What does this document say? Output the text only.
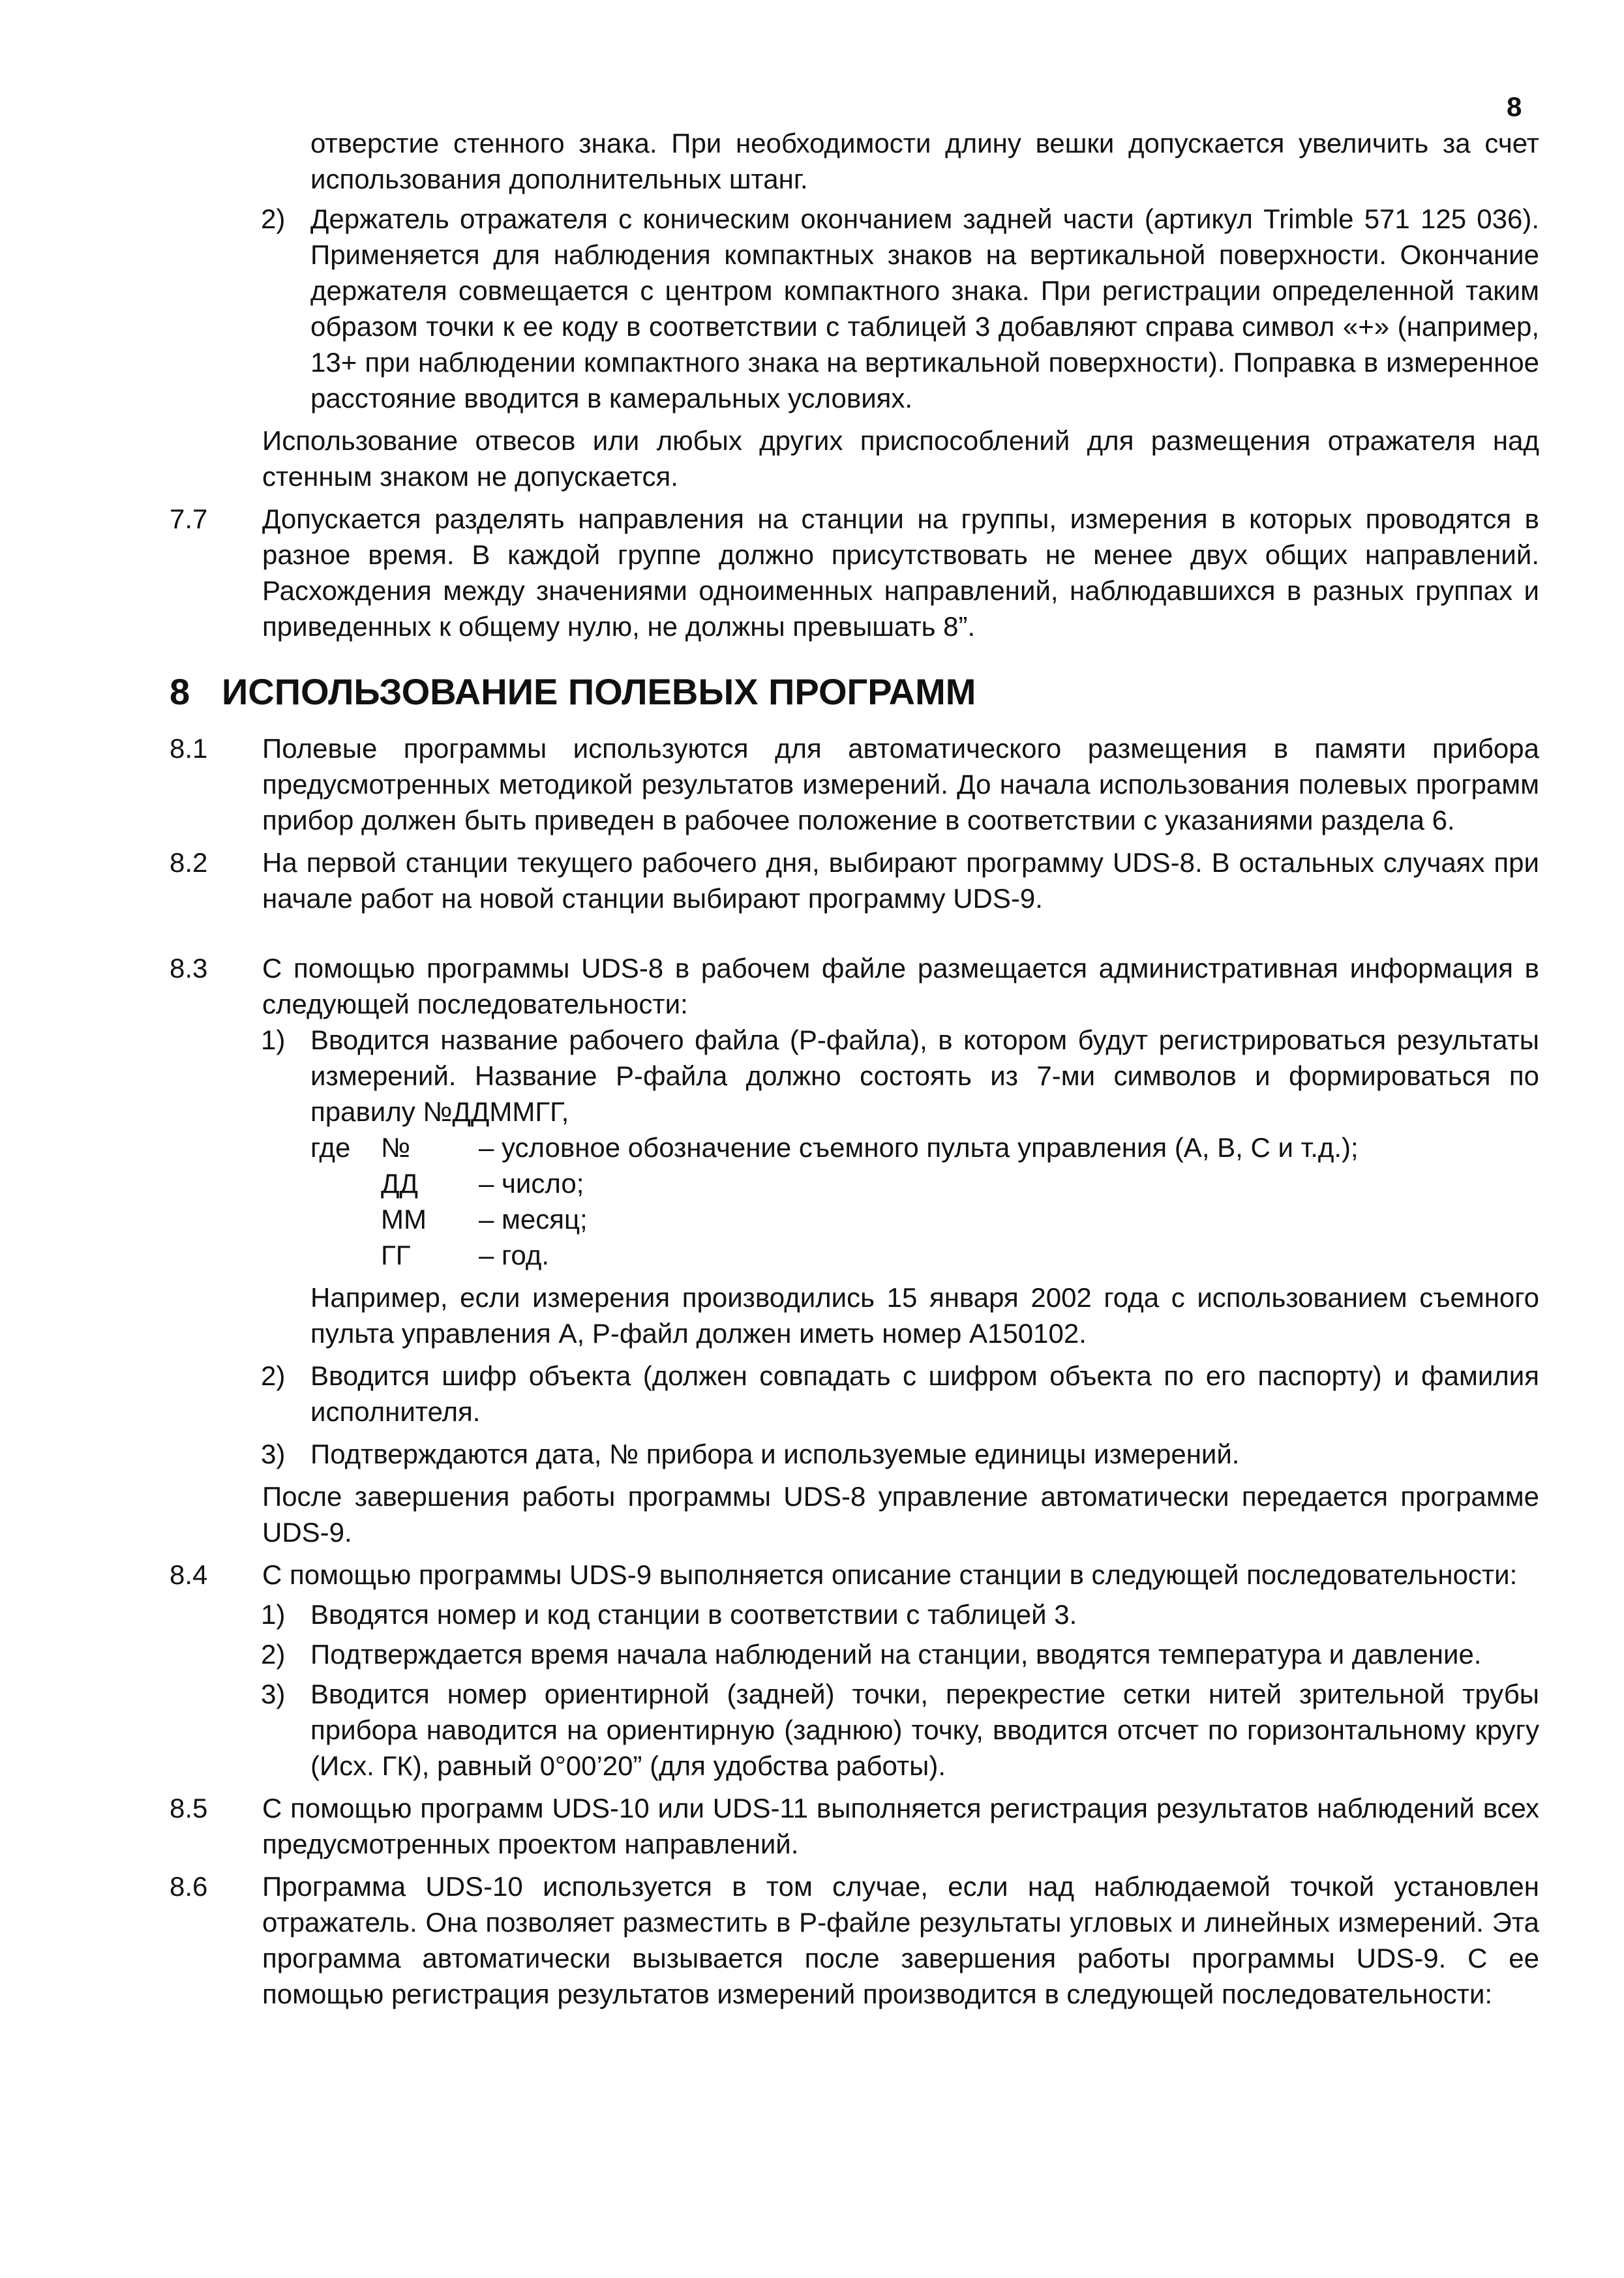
8

отверстие стенного знака. При необходимости длину вешки допускается увеличить за счет использования дополнительных штанг.

2) Держатель отражателя с коническим окончанием задней части (артикул Trimble 571 125 036). Применяется для наблюдения компактных знаков на вертикальной поверхности. Окончание держателя совмещается с центром компактного знака. При регистрации определенной таким образом точки к ее коду в соответствии с таблицей 3 добавляют справа символ «+» (например, 13+ при наблюдении компактного знака на вертикальной поверхности). Поправка в измеренное расстояние вводится в камеральных условиях.

Использование отвесов или любых других приспособлений для размещения отражателя над стенным знаком не допускается.

7.7 Допускается разделять направления на станции на группы, измерения в которых проводятся в разное время. В каждой группе должно присутствовать не менее двух общих направлений. Расхождения между значениями одноименных направлений, наблюдавшихся в разных группах и приведенных к общему нулю, не должны превышать 8”.
8 ИСПОЛЬЗОВАНИЕ ПОЛЕВЫХ ПРОГРАММ
8.1 Полевые программы используются для автоматического размещения в памяти прибора предусмотренных методикой результатов измерений. До начала использования полевых программ прибор должен быть приведен в рабочее положение в соответствии с указаниями раздела 6.
8.2 На первой станции текущего рабочего дня, выбирают программу UDS-8. В остальных случаях при начале работ на новой станции выбирают программу UDS-9.
8.3 С помощью программы UDS-8 в рабочем файле размещается административная информация в следующей последовательности:
1) Вводится название рабочего файла (Р-файла), в котором будут регистрироваться результаты измерений. Название Р-файла должно состоять из 7-ми символов и формироваться по правилу №ДДММГГ,
где	№	– условное обозначение съемного пульта управления (А, В, С и т.д.);
ДД	– число;
ММ	– месяц;
ГГ	– год.

Например, если измерения производились 15 января 2002 года с использованием съемного пульта управления А, Р-файл должен иметь номер А150102.

2) Вводится шифр объекта (должен совпадать с шифром объекта по его паспорту) и фамилия исполнителя.
3) Подтверждаются дата, № прибора и используемые единицы измерений.

После завершения работы программы UDS-8 управление автоматически передается программе UDS-9.

8.4 С помощью программы UDS-9 выполняется описание станции в следующей последовательности:
1) Вводятся номер и код станции в соответствии с таблицей 3.
2) Подтверждается время начала наблюдений на станции, вводятся температура и давление.
3) Вводится номер ориентирной (задней) точки, перекрестие сетки нитей зрительной трубы прибора наводится на ориентирную (заднюю) точку, вводится отсчет по горизонтальному кругу (Исх. ГК), равный 0°00’20” (для удобства работы).
8.5 С помощью программ UDS-10 или UDS-11 выполняется регистрация результатов наблюдений всех предусмотренных проектом направлений.
8.6 Программа UDS-10 используется в том случае, если над наблюдаемой точкой установлен отражатель. Она позволяет разместить в Р-файле результаты угловых и линейных измерений. Эта программа автоматически вызывается после завершения работы программы UDS-9. С ее помощью регистрация результатов измерений производится в следующей последовательности:
